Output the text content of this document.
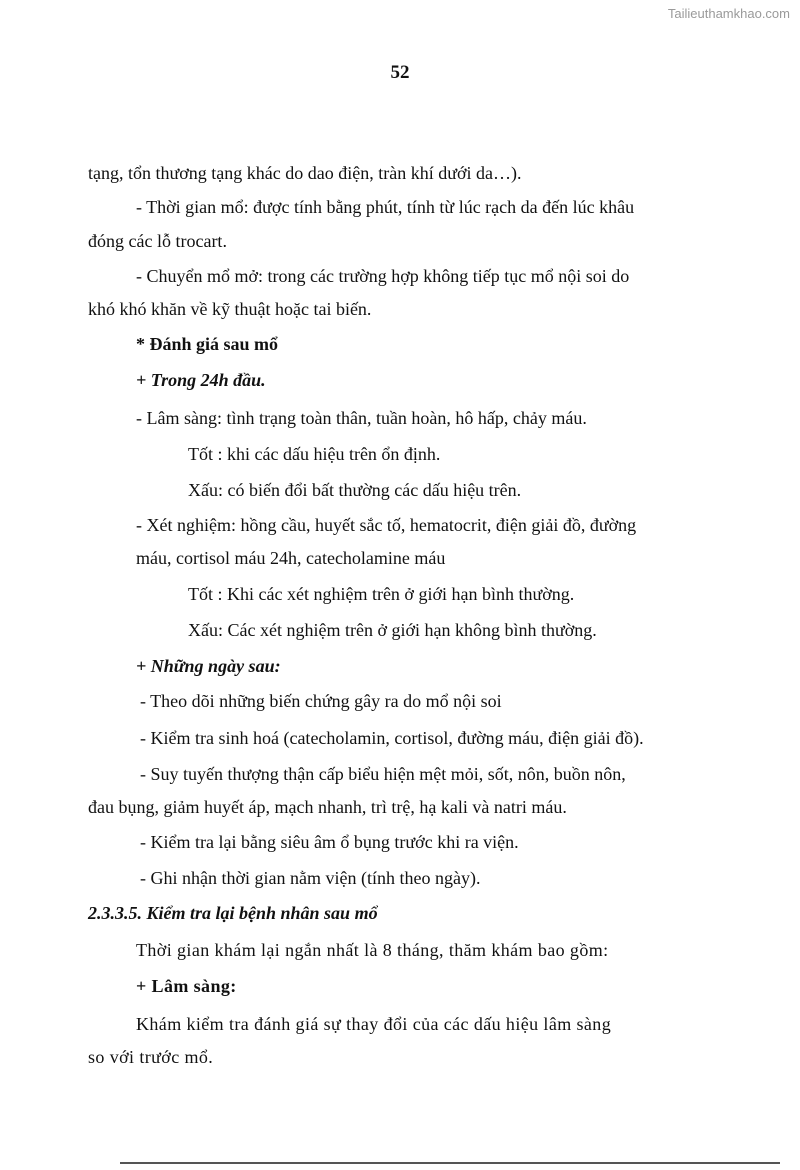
Tailieuthamkhao.com
52
tạng, tổn thương tạng khác do dao điện, tràn khí dưới da…).
- Thời gian mổ: được tính bằng phút, tính từ lúc rạch da đến lúc khâu
đóng các lỗ trocart.
- Chuyển mổ mở: trong các trường hợp không tiếp tục mổ nội soi do
khó khó khăn về kỹ thuật hoặc tai biến.
* Đánh giá sau mổ
+ Trong 24h đầu.
- Lâm sàng: tình trạng toàn thân, tuần hoàn, hô hấp, chảy máu.
Tốt : khi các dấu hiệu trên ổn định.
Xấu: có biến đổi bất thường các dấu hiệu trên.
- Xét nghiệm: hồng cầu, huyết sắc tố, hematocrit, điện giải đồ, đường
máu, cortisol máu 24h, catecholamine máu
Tốt : Khi các xét nghiệm trên ở giới hạn bình thường.
Xấu: Các xét nghiệm trên ở giới hạn không bình thường.
+ Những ngày sau:
- Theo dõi những biến chứng gây ra do mổ nội soi
- Kiểm tra sinh hoá (catecholamin, cortisol, đường máu, điện giải đồ).
- Suy tuyến thượng thận cấp biểu hiện mệt mỏi, sốt, nôn, buồn nôn,
đau bụng, giảm huyết áp, mạch nhanh, trì trệ, hạ kali và natri máu.
- Kiểm tra lại bằng siêu âm ổ bụng trước khi ra viện.
- Ghi nhận thời gian nằm viện (tính theo ngày).
2.3.3.5. Kiểm tra lại bệnh nhân sau mổ
Thời gian khám lại ngắn nhất là 8 tháng, thăm khám bao gồm:
+ Lâm sàng:
Khám kiểm tra đánh giá sự thay đổi của các dấu hiệu lâm sàng
so với trước mổ.
